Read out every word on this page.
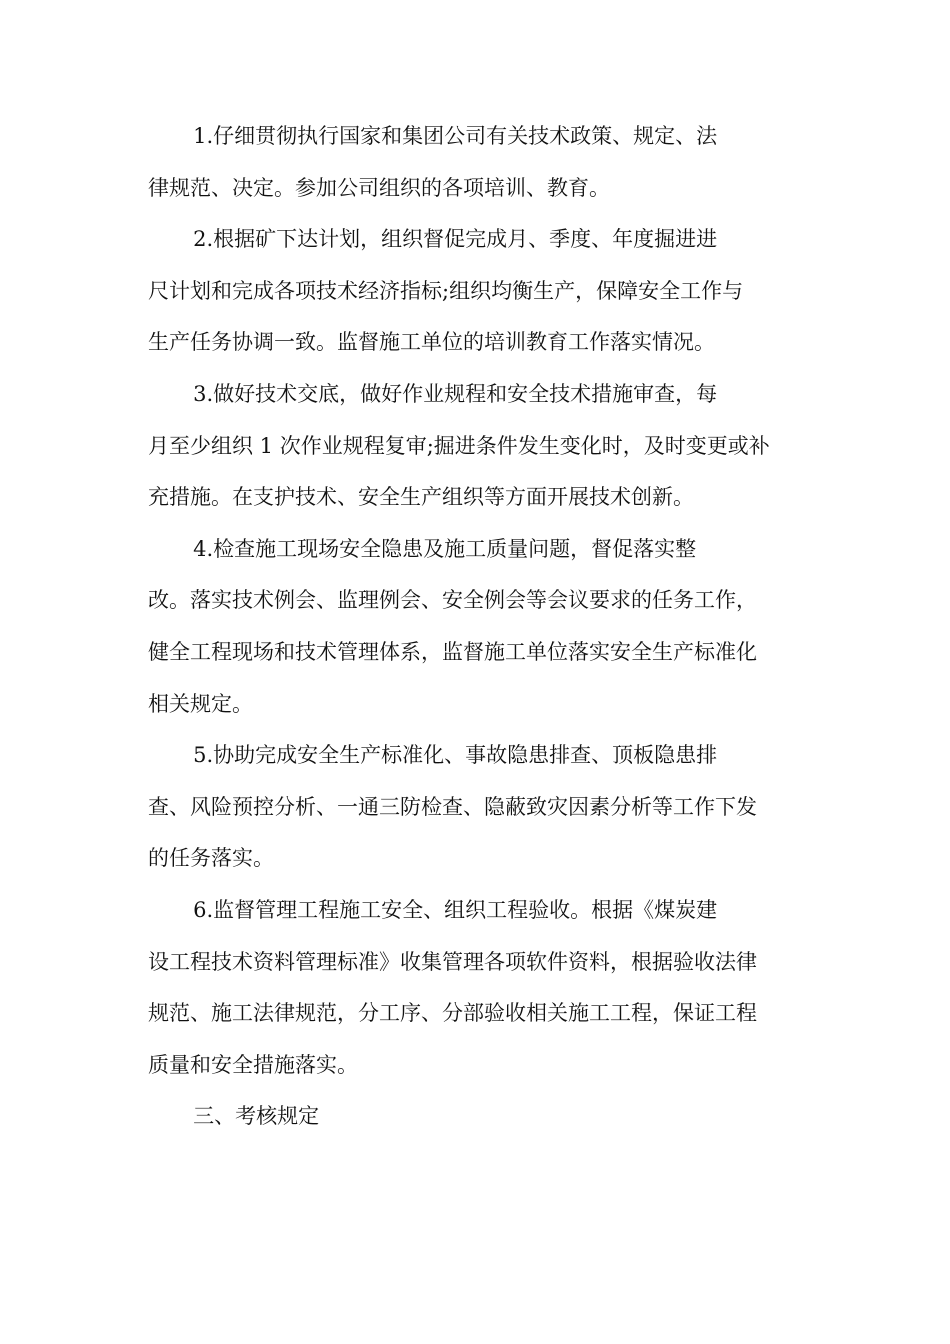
1.仔细贯彻执行国家和集团公司有关技术政策、规定、法
律规范、决定。参加公司组织的各项培训、教育。

2.根据矿下达计划，组织督促完成月、季度、年度掘进进
尺计划和完成各项技术经济指标;组织均衡生产，保障安全工作与
生产任务协调一致。监督施工单位的培训教育工作落实情况。

3.做好技术交底，做好作业规程和安全技术措施审查，每
月至少组织 1 次作业规程复审;掘进条件发生变化时，及时变更或补
充措施。在支护技术、安全生产组织等方面开展技术创新。

4.检查施工现场安全隐患及施工质量问题，督促落实整
改。落实技术例会、监理例会、安全例会等会议要求的任务工作，
健全工程现场和技术管理体系，监督施工单位落实安全生产标准化
相关规定。

5.协助完成安全生产标准化、事故隐患排查、顶板隐患排
查、风险预控分析、一通三防检查、隐蔽致灾因素分析等工作下发
的任务落实。

6.监督管理工程施工安全、组织工程验收。根据《煤炭建
设工程技术资料管理标准》收集管理各项软件资料，根据验收法律
规范、施工法律规范，分工序、分部验收相关施工工程，保证工程
质量和安全措施落实。

三、考核规定
